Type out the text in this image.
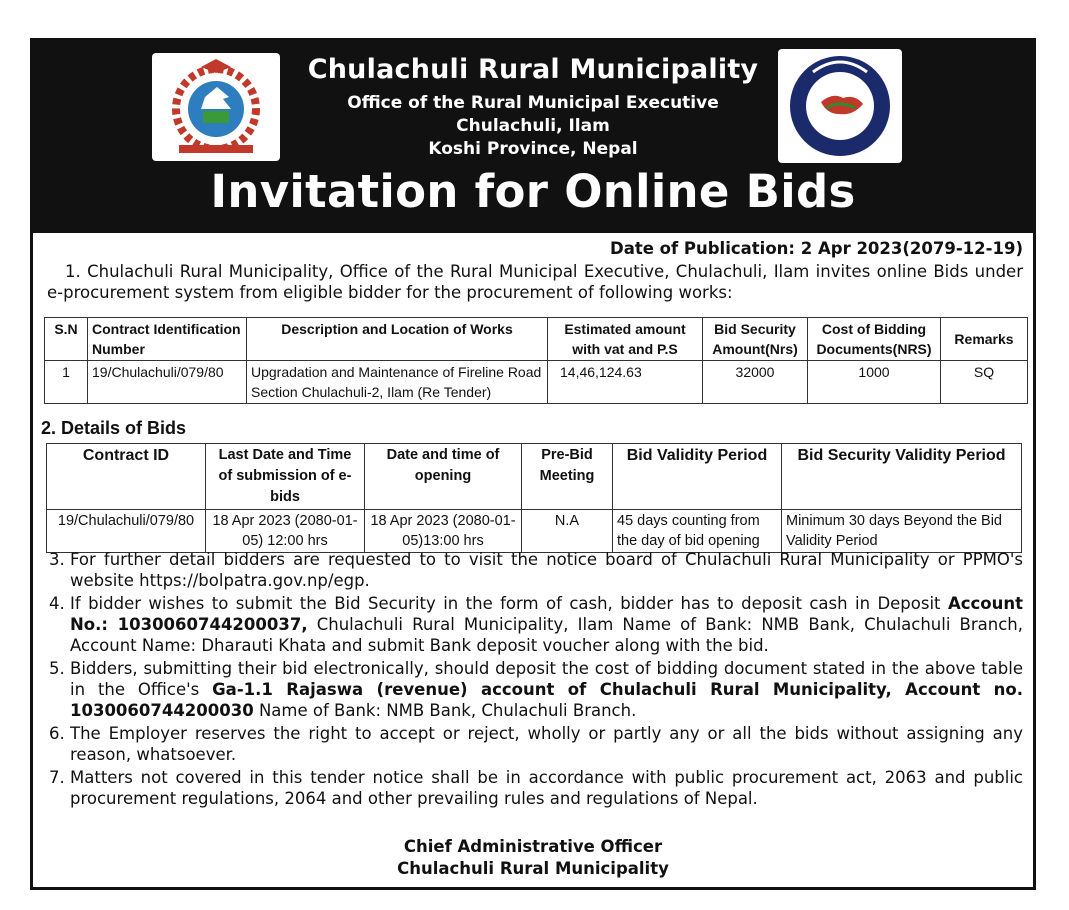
Chulachuli Rural Municipality
Office of the Rural Municipal Executive
Chulachuli, Ilam
Koshi Province, Nepal
Invitation for Online Bids
Date of Publication: 2 Apr 2023(2079-12-19)
1. Chulachuli Rural Municipality, Office of the Rural Municipal Executive, Chulachuli, Ilam invites online Bids under e-procurement system from eligible bidder for the procurement of following works:
S.N	Contract Identification Number	Description and Location of Works	Estimated amount with vat and P.S	Bid Security Amount(Nrs)	Cost of Bidding Documents(NRS)	Remarks
1	19/Chulachuli/079/80	Upgradation and Maintenance of Fireline Road Section Chulachuli-2, Ilam (Re Tender)	14,46,124.63	32000	1000	SQ
2. Details of Bids
Contract ID	Last Date and Time of submission of e-bids	Date and time of opening	Pre-Bid Meeting	Bid Validity Period	Bid Security Validity Period
19/Chulachuli/079/80	18 Apr 2023 (2080-01-05) 12:00 hrs	18 Apr 2023 (2080-01-05)13:00 hrs	N.A	45 days counting from the day of bid opening	Minimum 30 days Beyond the Bid Validity Period
3. For further detail bidders are requested to to visit the notice board of Chulachuli Rural Municipality or PPMO's website https://bolpatra.gov.np/egp.
4. If bidder wishes to submit the Bid Security in the form of cash, bidder has to deposit cash in Deposit Account No.: 1030060744200037, Chulachuli Rural Municipality, Ilam Name of Bank: NMB Bank, Chulachuli Branch, Account Name: Dharauti Khata and submit Bank deposit voucher along with the bid.
5. Bidders, submitting their bid electronically, should deposit the cost of bidding document stated in the above table in the Office's Ga-1.1 Rajaswa (revenue) account of Chulachuli Rural Municipality, Account no. 1030060744200030 Name of Bank: NMB Bank, Chulachuli Branch.
6. The Employer reserves the right to accept or reject, wholly or partly any or all the bids without assigning any reason, whatsoever.
7. Matters not covered in this tender notice shall be in accordance with public procurement act, 2063 and public procurement regulations, 2064 and other prevailing rules and regulations of Nepal.
Chief Administrative Officer
Chulachuli Rural Municipality
